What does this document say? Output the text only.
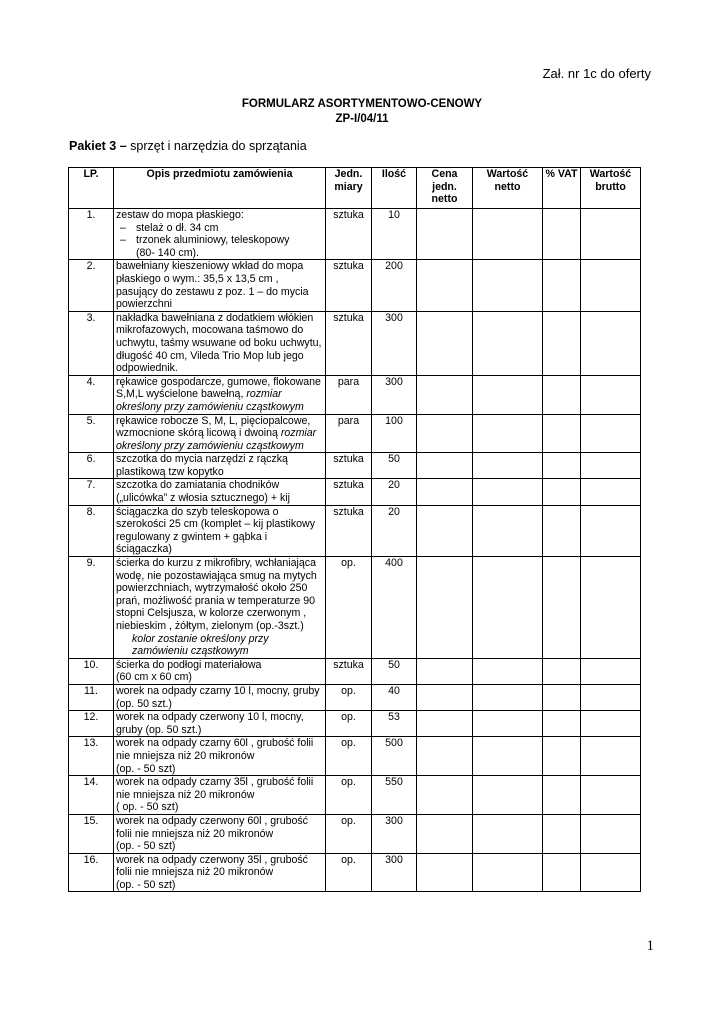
Zał. nr 1c do oferty
FORMULARZ ASORTYMENTOWO-CENOWY
ZP-I/04/11
Pakiet 3 – sprzęt i narzędzia do sprzątania
LP.	Opis przedmiotu zamówienia	Jedn. miary	Ilość	Cena jedn. netto	Wartość netto	% VAT	Wartość brutto
1.	zestaw do mopa płaskiego:
– stelaż o dł. 34 cm
– trzonek aluminiowy, teleskopowy
(80- 140 cm).	sztuka	10				
2.	bawełniany kieszeniowy wkład do mopa płaskiego o wym.: 35,5 x 13,5 cm , pasujący do zestawu z poz. 1 – do mycia powierzchni	sztuka	200				
3.	nakładka bawełniana z dodatkiem włókien mikrofazowych, mocowana taśmowo do uchwytu, taśmy wsuwane od boku uchwytu, długość 40 cm, Vileda Trio Mop lub jego odpowiednik.	sztuka	300				
4.	rękawice gospodarcze, gumowe, flokowane S,M,L wyścielone bawełną, rozmiar określony przy zamówieniu cząstkowym	para	300				
5.	rękawice robocze S, M, L, pięciopalcowe, wzmocnione skórą licową i dwoiną rozmiar określony przy zamówieniu cząstkowym	para	100				
6.	szczotka do mycia narzędzi z rączką plastikową tzw kopytko	sztuka	50				
7.	szczotka do zamiatania chodników („ulicówka” z włosia sztucznego) + kij	sztuka	20				
8.	ściągaczka do szyb teleskopowa o szerokości 25 cm (komplet – kij plastikowy regulowany z gwintem + gąbka i ściągaczka)	sztuka	20				
9.	ścierka do kurzu z mikrofibry, wchłaniająca wodę, nie pozostawiająca smug na mytych powierzchniach, wytrzymałość około 250 prań, możliwość prania w temperaturze 90 stopni Celsjusza, w kolorze czerwonym , niebieskim , żółtym, zielonym (op.-3szt.)
kolor zostanie określony przy zamówieniu cząstkowym	op.	400				
10.	ścierka do podłogi materiałowa
(60 cm x 60 cm)	sztuka	50				
11.	worek na odpady czarny 10 l, mocny, gruby (op. 50 szt.)	op.	40				
12.	worek na odpady czerwony 10 l, mocny, gruby (op. 50 szt.)	op.	53				
13.	worek na odpady czarny 60l , grubość folii nie mniejsza niż 20 mikronów
(op. - 50 szt)	op.	500				
14.	worek na odpady czarny 35l , grubość folii nie mniejsza niż 20 mikronów
( op. - 50 szt)	op.	550				
15.	worek na odpady czerwony 60l , grubość folii nie mniejsza niż 20 mikronów
(op. - 50 szt)	op.	300				
16.	worek na odpady czerwony 35l , grubość folii nie mniejsza niż 20 mikronów
(op. - 50 szt)	op.	300				
1
